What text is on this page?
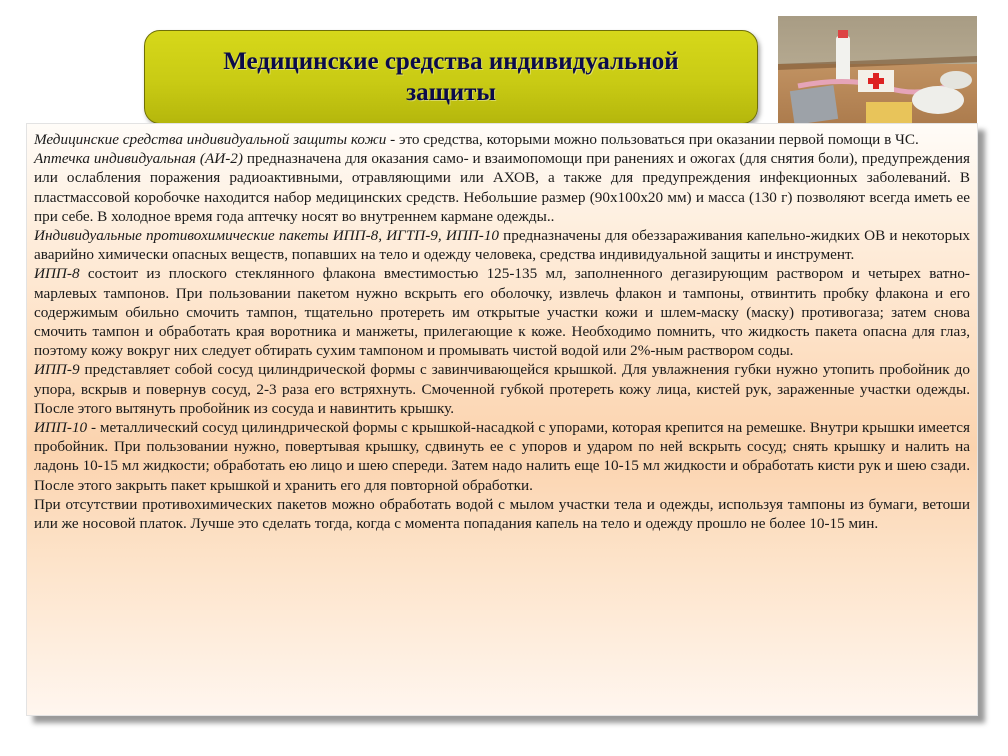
Медицинские средства индивидуальной
защиты

Медицинские средства индивидуальной защиты кожи - это средства, которыми можно пользоваться при оказании первой помощи в ЧС.

Аптечка индивидуальная (АИ-2) предназначена для оказания само- и взаимопомощи при ранениях и ожогах (для снятия боли), предупреждения или ослабления поражения радиоактивными, отравляющими или АХОВ, а также для предупреждения инфекционных заболеваний. В пластмассовой коробочке находится набор медицинских средств. Небольшие размер (90х100х20 мм) и масса (130 г) позволяют всегда иметь ее при себе. В холодное время года аптечку носят во внутреннем кармане одежды..

Индивидуальные противохимические пакеты ИПП-8, ИГТП-9, ИПП-10 предназначены для обеззараживания капельно-жидких ОВ и некоторых аварийно химически опасных веществ, попавших на тело и одежду человека, средства индивидуальной защиты и инструмент.

ИПП-8 состоит из плоского стеклянного флакона вместимостью 125-135 мл, заполненного дегазирующим раствором и четырех ватно-марлевых тампонов. При пользовании пакетом нужно вскрыть его оболочку, извлечь флакон и тампоны, отвинтить пробку флакона и его содержимым обильно смочить тампон, тщательно протереть им открытые участки кожи и шлем-маску (маску) противогаза; затем снова смочить тампон и обработать края воротника и манжеты, прилегающие к коже. Необходимо помнить, что жидкость пакета опасна для глаз, поэтому кожу вокруг них следует обтирать сухим тампоном и промывать чистой водой или 2%-ным раствором соды.

ИПП-9 представляет собой сосуд цилиндрической формы с завинчивающейся крышкой. Для увлажнения губки нужно утопить пробойник до упора, вскрыв и повернув сосуд, 2-3 раза его встряхнуть. Смоченной губкой протереть кожу лица, кистей рук, зараженные участки одежды. После этого вытянуть пробойник из сосуда и навинтить крышку.

ИПП-10 - металлический сосуд цилиндрической формы с крышкой-насадкой с упорами, которая крепится на ремешке. Внутри крышки имеется пробойник. При пользовании нужно, повертывая крышку, сдвинуть ее с упоров и ударом по ней вскрыть сосуд; снять крышку и налить на ладонь 10-15 мл жидкости; обработать ею лицо и шею спереди. Затем надо налить еще 10-15 мл жидкости и обработать кисти рук и шею сзади. После этого закрыть пакет крышкой и хранить его для повторной обработки.

При отсутствии противохимических пакетов можно обработать водой с мылом участки тела и одежды, используя тампоны из бумаги, ветоши или же носовой платок. Лучше это сделать тогда, когда с момента попадания капель на тело и одежду прошло не более 10-15 мин.
